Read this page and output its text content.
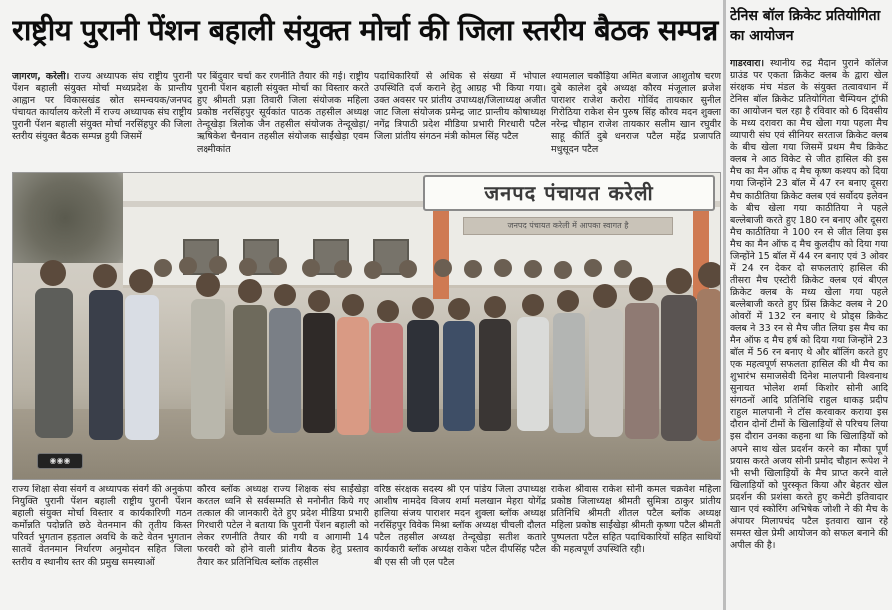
राष्ट्रीय पुरानी पेंशन बहाली संयुक्त मोर्चा की जिला स्तरीय बैठक सम्पन्न

जागरण, करेली। राज्य अध्यापक संघ राष्ट्रीय पुरानी पेंशन बहाली संयुक्त मोर्चा मध्यप्रदेश के प्रान्तीय आह्वान पर विकासखंड स्रोत समन्वयक/जनपद पंचायत कार्यालय करेली में राज्य अध्यापक संघ राष्ट्रीय पुरानी पेंशन बहाली संयुक्त मोर्चा नरसिंहपुर की जिला स्तरीय संयुक्त बैठक सम्पन्न हुयी जिसमें

पर बिंदुवार चर्चा कर रणनीति तैयार की गई। राष्ट्रीय पुरानी पेंशन बहाली संयुक्त मोर्चा का विस्तार करते हुए श्रीमती प्रज्ञा तिवारी जिला संयोजक महिला प्रकोष्ठ नरसिंहपुर सूर्यकांत पाठक तहसील अध्यक्ष तेन्दूखेड़ा त्रिलोक जैन तहसील संयोजक तेन्दूखेड़ा/ऋषिकेश चैनवान तहसील संयोजक साईंखेड़ा एवम लक्ष्मीकांत

पदाधिकारियों से अधिक से संख्या में भोपाल उपस्थिति दर्ज कराने हेतु आग्रह भी किया गया। उक्त अवसर पर प्रांतीय उपाध्यक्ष/जिलाध्यक्ष अजीत जाट जिला संयोजक प्रमेन्द्र जाट प्रान्तीय कोषाध्यक्ष नगेंद्र त्रिपाठी प्रदेश मीडिया प्रभारी गिरधारी पटैल जिला प्रांतीय संगठन मंत्री कोमल सिंह पटैल

श्यामलाल चकौड़िया अमित बजाज आशुतोष चरण दुबे कालेश दुबे अध्यक्ष कौरव मंजूलाल ब्रजेश पाराशर राजेश करोरा गोविंद तायकार सुनील गिरोठिया राकेश सेन पुरुष सिंह कौरव मदन शुक्ला नरेन्द्र चौहान राजेश तायकार सलीम खान रघुवीर साहू कीर्ति दुबे धनराज पटैल महेंद्र प्रजापति मधुसूदन पटैल

जनपद पंचायत करेली
जनपद पंचायत करेली में आपका स्वागत है
◉◉◉

राज्य शिक्षा सेवा संवर्ग व अध्यापक संवर्ग की अनुकंपा नियुक्ति पुरानी पेंशन बहाली राष्ट्रीय पुरानी पेंशन बहाली संयुक्त मोर्चा विस्तार व कार्यकारिणी गठन कर्मोन्नति पदोन्नति छठे वेतनमान की तृतीय किस्त परिवर्त भुगतान हड़ताल अवधि के कटे वेतन भुगतान सातवें वेतनमान निर्धारण अनुमोदन सहित जिला स्तरीय व स्थानीय स्तर की प्रमुख समस्याओं

कौरव ब्लॉक अध्यक्ष राज्य शिक्षक संघ साईंखेड़ा करतल ध्वनि से सर्वसम्मति से मनोनीत किये गए तत्काल की जानकारी देते हुए प्रदेश मीडिया प्रभारी गिरधारी पटेल ने बताया कि पुरानी पेंशन बहाली को लेकर रणनीति तैयार की गयी व आगामी 14 फरवरी को होने वाली प्रांतीय बैठक हेतु प्रस्ताव तैयार कर प्रतिनिधित्व ब्लॉक तहसील

वरिष्ठ संरक्षक सदस्य श्री एन पांडेय जिला उपाध्यक्ष आशीष नामदेव विजय शर्मा मलखान मेहरा योगेंद्र हालिया संजय पाराशर मदन शुक्ला ब्लॉक अध्यक्ष नरसिंहपुर विवेक मिश्रा ब्लॉक अध्यक्ष चीचली दौलत पटैल तहसील अध्यक्ष तेन्दूखेड़ा सतीश कतारे कार्यकारी ब्लॉक अध्यक्ष राकेश पटैल दीपसिंह पटैल बी एस सी जी एल पटैल

राकेश श्रीवास राकेश सोनी कमल चक्रवेश महिला प्रकोष्ठ जिलाध्यक्ष श्रीमती सुमित्रा ठाकुर प्रांतीय प्रतिनिधि श्रीमती शीतल पटैल ब्लॉक अध्यक्ष महिला प्रकोष्ठ साईंखेड़ा श्रीमती कृष्णा पटैल श्रीमती पुष्पलता पटैल सहित पदाधिकारियों सहित साथियों की महत्वपूर्ण उपस्थिति रही।

टेनिस बॉल क्रिकेट प्रतियोगिता का आयोजन

गाडरवारा। स्थानीय रुद्र मैदान पुराने कॉलेज ग्राउंड पर एकता क्रिकेट क्लब के द्वारा खेल संरक्षक मंच मंडल के संयुक्त तत्वावधान में टेनिस बॉल क्रिकेट प्रतियोगिता चैम्पियन ट्रॉफी का आयोजन चल रहा है रविवार को 6 दिवसीय के मध्य दरावरा का मैच खेला गया पहला मैच व्यापारी संघ एवं सीनियर सरताज क्रिकेट क्लब के बीच खेला गया जिसमें प्रथम मैच क्रिकेट क्लब ने आठ विकेट से जीत हासिल की इस मैच का मैन ऑफ द मैच कृष्ण कश्यप को दिया गया जिन्होंने 23 बॉल में 47 रन बनाए दूसरा मैच काठीतिया क्रिकेट क्लब एवं सर्वोदय इलेवन के बीच खेला गया काठीतिया ने पहले बल्लेबाजी करते हुए 180 रन बनाए और दूसरा मैच काठीतिया ने 100 रन से जीत लिया इस मैच का मैन ऑफ द मैच कुलदीप को दिया गया जिन्होंने 15 बॉल में 44 रन बनाए एवं 3 ओवर में 24 रन देकर दो सफलताएं हासिल की तीसरा मैच एस्टोरी क्रिकेट क्लब एवं बीएल क्रिकेट क्लब के मध्य खेला गया पहले बल्लेबाजी करते हुए प्रिंस क्रिकेट क्लब ने 20 ओवरों में 132 रन बनाए थे प्रोड्स क्रिकेट क्लब ने 33 रन से मैच जीत लिया इस मैच का मैन ऑफ द मैच हर्ष को दिया गया जिन्होंने 23 बॉल में 56 रन बनाए थे और बॉलिंग करते हुए एक महत्वपूर्ण सफलता हासिल की थी मैच का शुभारंभ समाजसेवी दिनेश मालपानी विश्वनाथ सुनायत भोलेश शर्मा किशोर सोनी आदि संगठनों आदि प्रतिनिधि राहुल धाकड़ प्रदीप राहुल मालपानी ने टॉस करवाकर कराया इस दौरान दोनों टीमों के खिलाड़ियों से परिचय लिया इस दौरान उनका कहना था कि खिलाड़ियों को अपने साथ खेल प्रदर्शन करने का मौका पूर्ण प्रयास करते अजय सोनी प्रमोद चौहान रूपेश ने भी सभी खिलाड़ियों के मैच प्राप्त करने वाले खिलाड़ियों को पुरस्कृत किया और बेहतर खेल प्रदर्शन की प्रशंसा करते हुए कमेटी इतिवादार खान एवं स्कोरिंग अभिषेक जोशी ने की मैच के अंपायर मिलापचंद पटैल इतवारा खान रहे समस्त खेल प्रेमी आयोजन को सफल बनाने की अपील की है।
